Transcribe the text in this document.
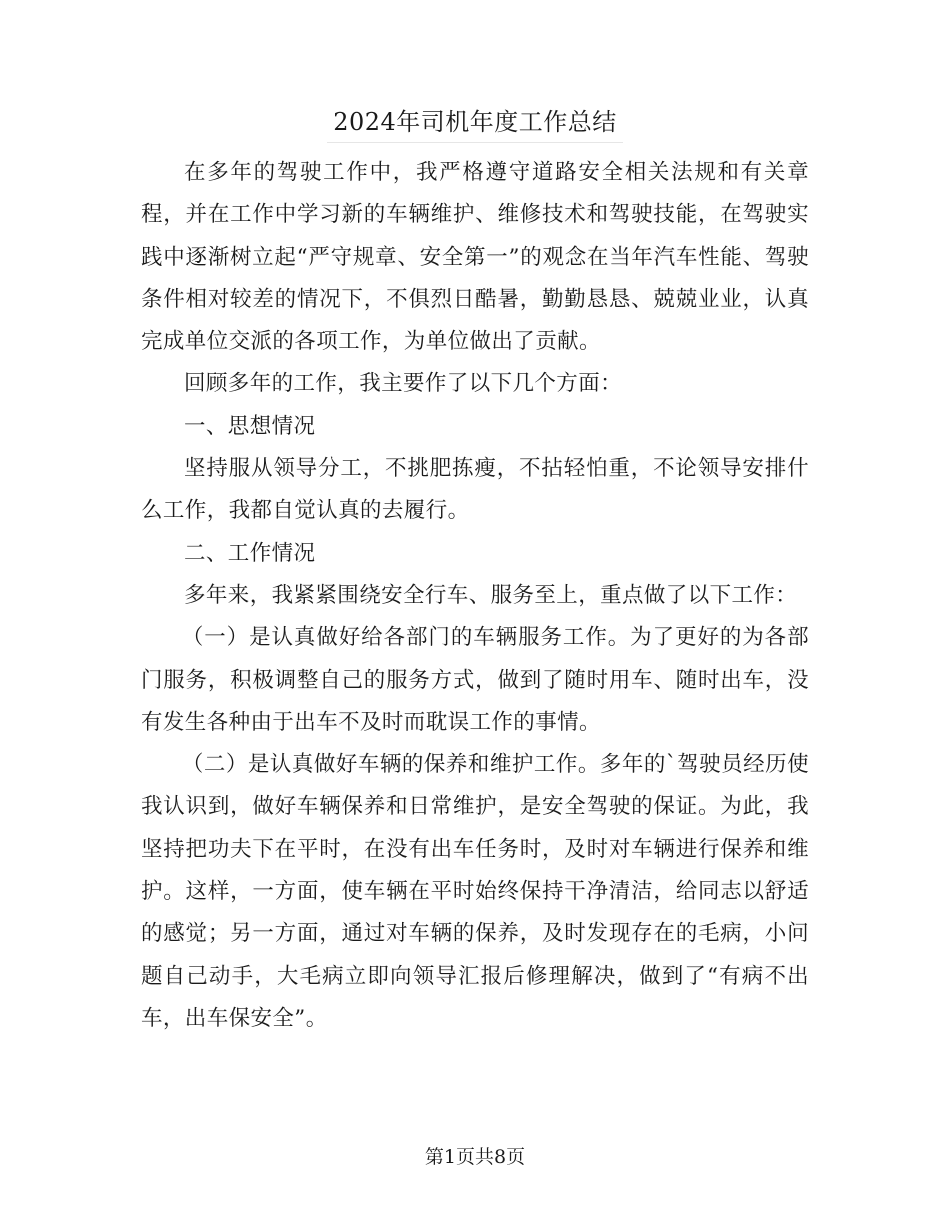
2024年司机年度工作总结

在多年的驾驶工作中，我严格遵守道路安全相关法规和有关章程，并在工作中学习新的车辆维护、维修技术和驾驶技能，在驾驶实践中逐渐树立起“严守规章、安全第一”的观念在当年汽车性能、驾驶条件相对较差的情况下，不俱烈日酷暑，勤勤恳恳、兢兢业业，认真完成单位交派的各项工作，为单位做出了贡献。

回顾多年的工作，我主要作了以下几个方面：

一、思想情况

坚持服从领导分工，不挑肥拣瘦，不拈轻怕重，不论领导安排什么工作，我都自觉认真的去履行。

二、工作情况

多年来，我紧紧围绕安全行车、服务至上，重点做了以下工作：

（一）是认真做好给各部门的车辆服务工作。为了更好的为各部门服务，积极调整自己的服务方式，做到了随时用车、随时出车，没有发生各种由于出车不及时而耽误工作的事情。

（二）是认真做好车辆的保养和维护工作。多年的`驾驶员经历使我认识到，做好车辆保养和日常维护，是安全驾驶的保证。为此，我坚持把功夫下在平时，在没有出车任务时，及时对车辆进行保养和维护。这样，一方面，使车辆在平时始终保持干净清洁，给同志以舒适的感觉；另一方面，通过对车辆的保养，及时发现存在的毛病，小问题自己动手，大毛病立即向领导汇报后修理解决，做到了“有病不出车，出车保安全”。

第1页共8页
